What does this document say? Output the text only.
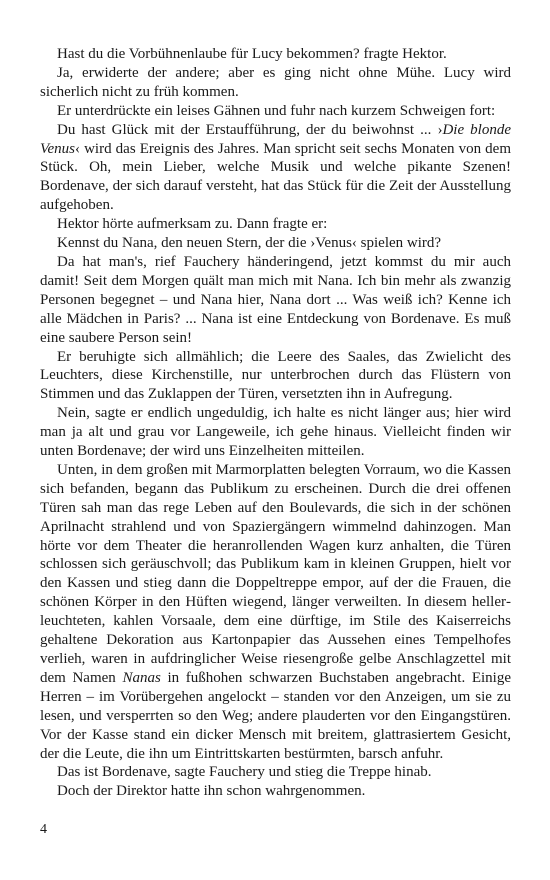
Hast du die Vorbühnenlaube für Lucy bekommen? fragte Hektor.

Ja, erwiderte der andere; aber es ging nicht ohne Mühe. Lucy wird sicherlich nicht zu früh kommen.

Er unterdrückte ein leises Gähnen und fuhr nach kurzem Schweigen fort:

Du hast Glück mit der Erstaufführung, der du beiwohnst ... ›Die blonde Venus‹ wird das Ereignis des Jahres. Man spricht seit sechs Monaten von dem Stück. Oh, mein Lieber, welche Musik und welche pikante Szenen! Bordenave, der sich darauf versteht, hat das Stück für die Zeit der Ausstellung aufgehoben.

Hektor hörte aufmerksam zu. Dann fragte er:

Kennst du Nana, den neuen Stern, der die ›Venus‹ spielen wird?

Da hat man's, rief Fauchery händeringend, jetzt kommst du mir auch damit! Seit dem Morgen quält man mich mit Nana. Ich bin mehr als zwanzig Personen begegnet – und Nana hier, Nana dort ... Was weiß ich? Kenne ich alle Mädchen in Paris? ... Nana ist eine Entdeckung von Bordenave. Es muß eine saubere Person sein!

Er beruhigte sich allmählich; die Leere des Saales, das Zwielicht des Leuchters, diese Kirchenstille, nur unterbrochen durch das Flüstern von Stimmen und das Zuklappen der Türen, versetzten ihn in Aufregung.

Nein, sagte er endlich ungeduldig, ich halte es nicht länger aus; hier wird man ja alt und grau vor Langeweile, ich gehe hinaus. Vielleicht finden wir unten Bordenave; der wird uns Einzelheiten mitteilen.

Unten, in dem großen mit Marmorplatten belegten Vorraum, wo die Kassen sich befanden, begann das Publikum zu erscheinen. Durch die drei offenen Türen sah man das rege Leben auf den Boulevards, die sich in der schönen Aprilnacht strahlend und von Spaziergängern wimmelnd dahinzogen. Man hörte vor dem Theater die heranrollenden Wagen kurz anhalten, die Türen schlossen sich geräuschvoll; das Publikum kam in kleinen Gruppen, hielt vor den Kassen und stieg dann die Doppeltreppe empor, auf der die Frauen, die schönen Körper in den Hüften wiegend, länger verweilten. In diesem hellerleuchteten, kahlen Vorsaale, dem eine dürftige, im Stile des Kaiserreichs gehaltene Dekoration aus Kartonpapier das Aussehen eines Tempelhofes verlieh, waren in aufdringlicher Weise riesengroße gelbe Anschlagzettel mit dem Namen Nanas in fußhohen schwarzen Buchstaben angebracht. Einige Herren – im Vorübergehen angelockt – standen vor den Anzeigen, um sie zu lesen, und versperrten so den Weg; andere plauderten vor den Eingangstüren. Vor der Kasse stand ein dicker Mensch mit breitem, glattrasiertem Gesicht, der die Leute, die ihn um Eintrittskarten bestürmten, barsch anfuhr.

Das ist Bordenave, sagte Fauchery und stieg die Treppe hinab.

Doch der Direktor hatte ihn schon wahrgenommen.

4
